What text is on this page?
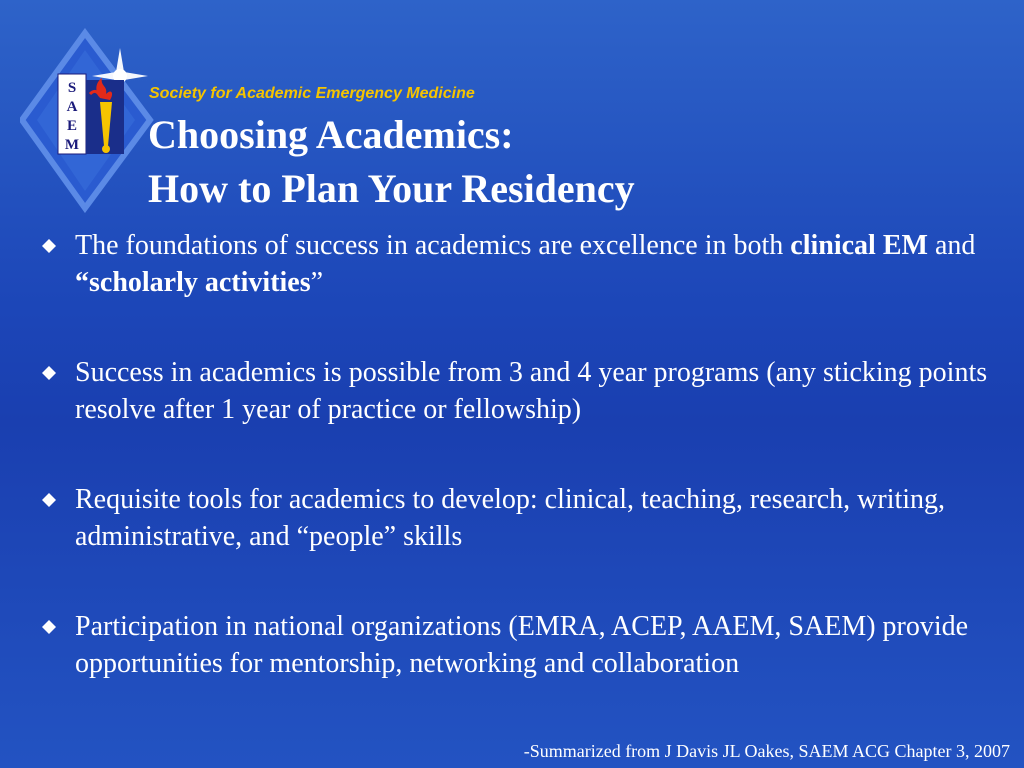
S
A
E
M
Society for Academic Emergency Medicine
Choosing Academics:
How to Plan Your Residency
The foundations of success in academics are excellence in both clinical EM and “scholarly activities”
Success in academics is possible from 3 and 4 year programs (any sticking points resolve after 1 year of practice or fellowship)
Requisite tools for academics to develop: clinical, teaching, research, writing, administrative, and “people” skills
Participation in national organizations (EMRA, ACEP, AAEM, SAEM) provide opportunities for mentorship, networking and collaboration
-Summarized from J Davis JL Oakes, SAEM ACG Chapter 3, 2007
